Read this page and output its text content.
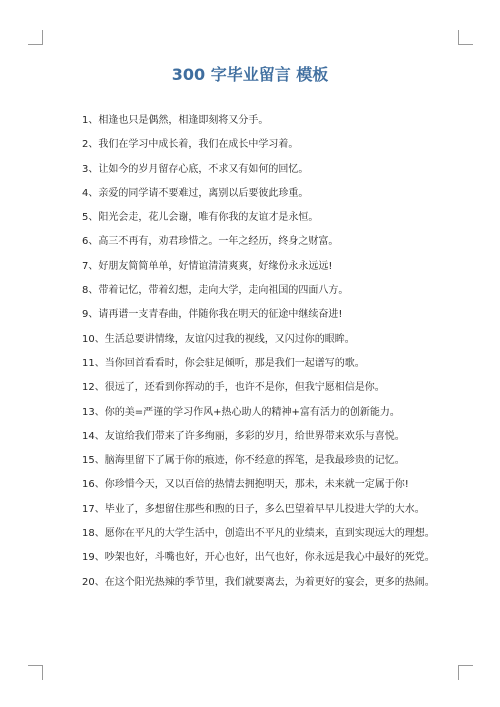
300 字毕业留言 模板
1、相逢也只是偶然，相逢即刻将又分手。
2、我们在学习中成长着，我们在成长中学习着。
3、让如今的岁月留存心底，不求又有如何的回忆。
4、亲爱的同学请不要难过，离别以后要彼此珍重。
5、阳光会走，花儿会谢，唯有你我的友谊才是永恒。
6、高三不再有，劝君珍惜之。一年之经历，终身之财富。
7、好朋友简简单单，好情谊清清爽爽，好缘份永永远远!
8、带着记忆，带着幻想，走向大学，走向祖国的四面八方。
9、请再谱一支青春曲，伴随你我在明天的征途中继续奋进!
10、生活总要讲情缘，友谊闪过我的视线，又闪过你的眼眸。
11、当你回首看看时，你会驻足倾听，那是我们一起谱写的歌。
12、很远了，还看到你挥动的手，也许不是你，但我宁愿相信是你。
13、你的美=严谨的学习作风+热心助人的精神+富有活力的创新能力。
14、友谊给我们带来了许多绚丽，多彩的岁月，给世界带来欢乐与喜悦。
15、脑海里留下了属于你的痕迹，你不经意的挥笔，是我最珍贵的记忆。
16、你珍惜今天，又以百倍的热情去拥抱明天，那未，未来就一定属于你!
17、毕业了，多想留住那些和煦的日子，多么巴望着早早儿投进大学的大水。
18、愿你在平凡的大学生活中，创造出不平凡的业绩来，直到实现远大的理想。
19、吵架也好，斗嘴也好，开心也好，出气也好，你永远是我心中最好的死党。
20、在这个阳光热辣的季节里，我们就要离去，为着更好的宴会，更多的热闹。
